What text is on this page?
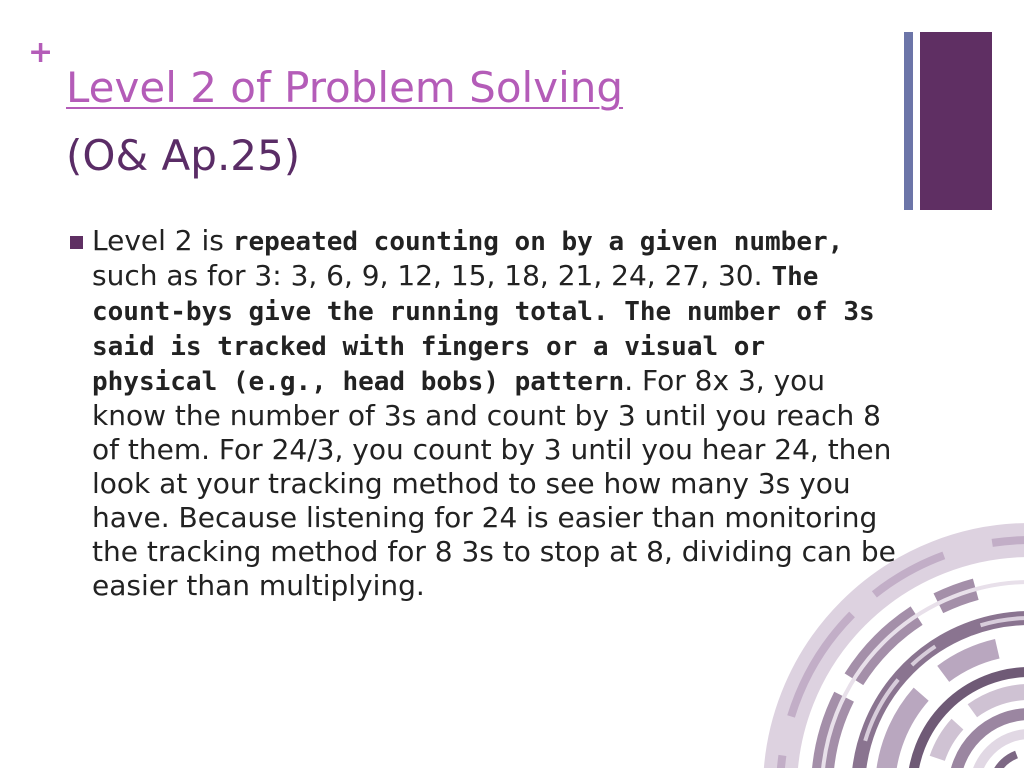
+
Level 2 of Problem Solving
(O& Ap.25)

Level 2 is repeated counting on by a given number, such as for 3: 3, 6, 9, 12, 15, 18, 21, 24, 27, 30. The count-bys give the running total. The number of 3s said is tracked with fingers or a visual or physical (e.g., head bobs) pattern. For 8x 3, you know the number of 3s and count by 3 until you reach 8 of them. For 24/3, you count by 3 until you hear 24, then look at your tracking method to see how many 3s you have. Because listening for 24 is easier than monitoring the tracking method for 8 3s to stop at 8, dividing can be easier than multiplying.
